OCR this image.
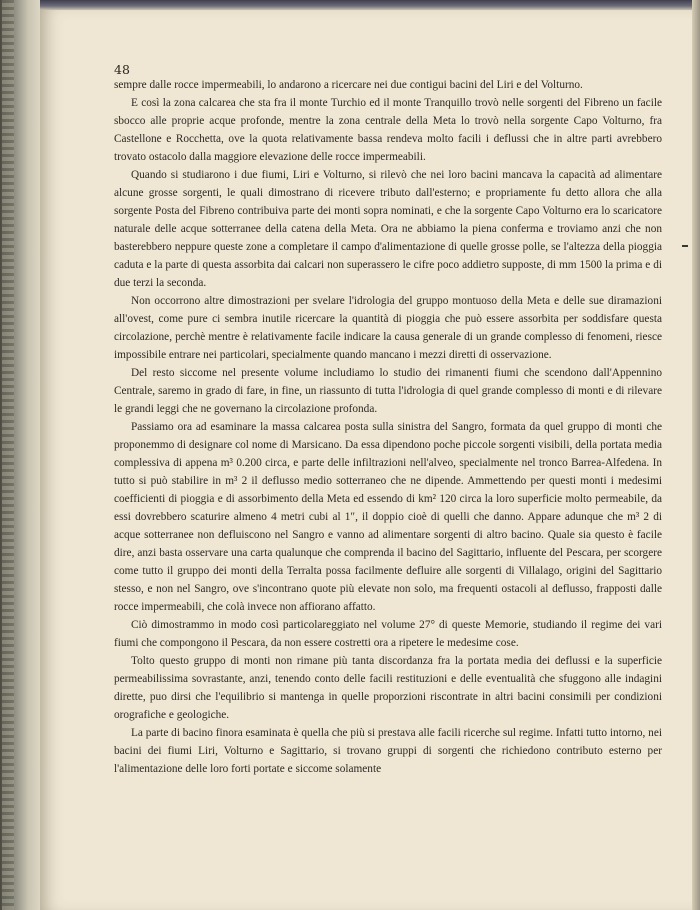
48

sempre dalle rocce impermeabili, lo andarono a ricercare nei due contigui bacini del Liri e del Volturno.

E così la zona calcarea che sta fra il monte Turchio ed il monte Tranquillo trovò nelle sorgenti del Fibreno un facile sbocco alle proprie acque profonde, mentre la zona centrale della Meta lo trovò nella sorgente Capo Volturno, fra Castellone e Rocchetta, ove la quota relativamente bassa rendeva molto facili i deflussi che in altre parti avrebbero trovato ostacolo dalla maggiore elevazione delle rocce impermeabili.

Quando si studiarono i due fiumi, Liri e Volturno, si rilevò che nei loro bacini mancava la capacità ad alimentare alcune grosse sorgenti, le quali dimostrano di ricevere tributo dall'esterno; e propriamente fu detto allora che alla sorgente Posta del Fibreno contribuiva parte dei monti sopra nominati, e che la sorgente Capo Volturno era lo scaricatore naturale delle acque sotterranee della catena della Meta. Ora ne abbiamo la piena conferma e troviamo anzi che non basterebbero neppure queste zone a completare il campo d'alimentazione di quelle grosse polle, se l'altezza della pioggia caduta e la parte di questa assorbita dai calcari non superassero le cifre poco addietro supposte, di mm 1500 la prima e di due terzi la seconda.

Non occorrono altre dimostrazioni per svelare l'idrologia del gruppo montuoso della Meta e delle sue diramazioni all'ovest, come pure ci sembra inutile ricercare la quantità di pioggia che può essere assorbita per soddisfare questa circolazione, perchè mentre è relativamente facile indicare la causa generale di un grande complesso di fenomeni, riesce impossibile entrare nei particolari, specialmente quando mancano i mezzi diretti di osservazione.

Del resto siccome nel presente volume includiamo lo studio dei rimanenti fiumi che scendono dall'Appennino Centrale, saremo in grado di fare, in fine, un riassunto di tutta l'idrologia di quel grande complesso di monti e di rilevare le grandi leggi che ne governano la circolazione profonda.

Passiamo ora ad esaminare la massa calcarea posta sulla sinistra del Sangro, formata da quel gruppo di monti che proponemmo di designare col nome di Marsicano. Da essa dipendono poche piccole sorgenti visibili, della portata media complessiva di appena m³ 0.200 circa, e parte delle infiltrazioni nell'alveo, specialmente nel tronco Barrea-Alfedena. In tutto si può stabilire in m³ 2 il deflusso medio sotterraneo che ne dipende. Ammettendo per questi monti i medesimi coefficienti di pioggia e di assorbimento della Meta ed essendo di km² 120 circa la loro superficie molto permeabile, da essi dovrebbero scaturire almeno 4 metri cubi al 1″, il doppio cioè di quelli che danno. Appare adunque che m³ 2 di acque sotterranee non defluiscono nel Sangro e vanno ad alimentare sorgenti di altro bacino. Quale sia questo è facile dire, anzi basta osservare una carta qualunque che comprenda il bacino del Sagittario, influente del Pescara, per scorgere come tutto il gruppo dei monti della Terralta possa facilmente defluire alle sorgenti di Villalago, origini del Sagittario stesso, e non nel Sangro, ove s'incontrano quote più elevate non solo, ma frequenti ostacoli al deflusso, frapposti dalle rocce impermeabili, che colà invece non affiorano affatto.

Ciò dimostrammo in modo così particolareggiato nel volume 27° di queste Memorie, studiando il regime dei vari fiumi che compongono il Pescara, da non essere costretti ora a ripetere le medesime cose.

Tolto questo gruppo di monti non rimane più tanta discordanza fra la portata media dei deflussi e la superficie permeabilissima sovrastante, anzi, tenendo conto delle facili restituzioni e delle eventualità che sfuggono alle indagini dirette, puo dirsi che l'equilibrio si mantenga in quelle proporzioni riscontrate in altri bacini consimili per condizioni orografiche e geologiche.

La parte di bacino finora esaminata è quella che più si prestava alle facili ricerche sul regime. Infatti tutto intorno, nei bacini dei fiumi Liri, Volturno e Sagittario, si trovano gruppi di sorgenti che richiedono contributo esterno per l'alimentazione delle loro forti portate e siccome solamente
